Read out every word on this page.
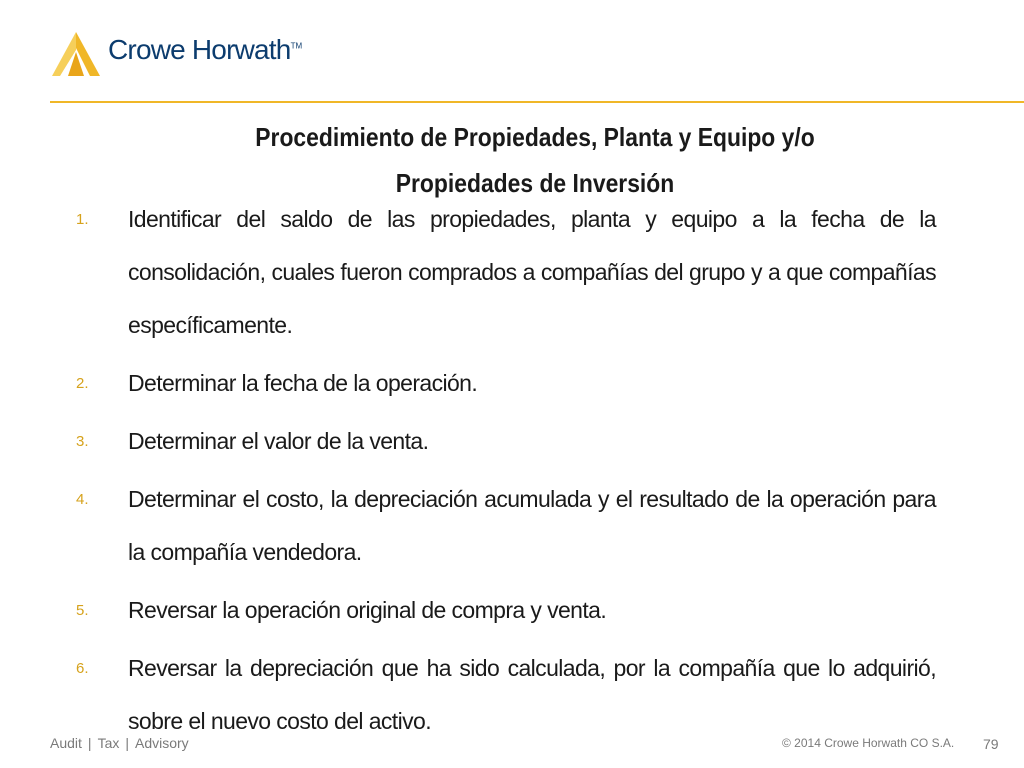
Crowe Horwath™
Procedimiento de Propiedades, Planta y Equipo y/o
Propiedades de Inversión
1.	Identificar del saldo de las propiedades, planta y equipo a la fecha de la consolidación, cuales fueron comprados a compañías del grupo y a que compañías específicamente.
2.	Determinar la fecha de la operación.
3.	Determinar el valor de la venta.
4.	Determinar el costo, la depreciación acumulada y el resultado de la operación para la compañía vendedora.
5.	Reversar la operación original de compra y venta.
6.	Reversar la depreciación que ha sido calculada, por la compañía que lo adquirió, sobre el nuevo costo del activo.
Audit | Tax | Advisory	© 2014 Crowe Horwath CO S.A. 79
